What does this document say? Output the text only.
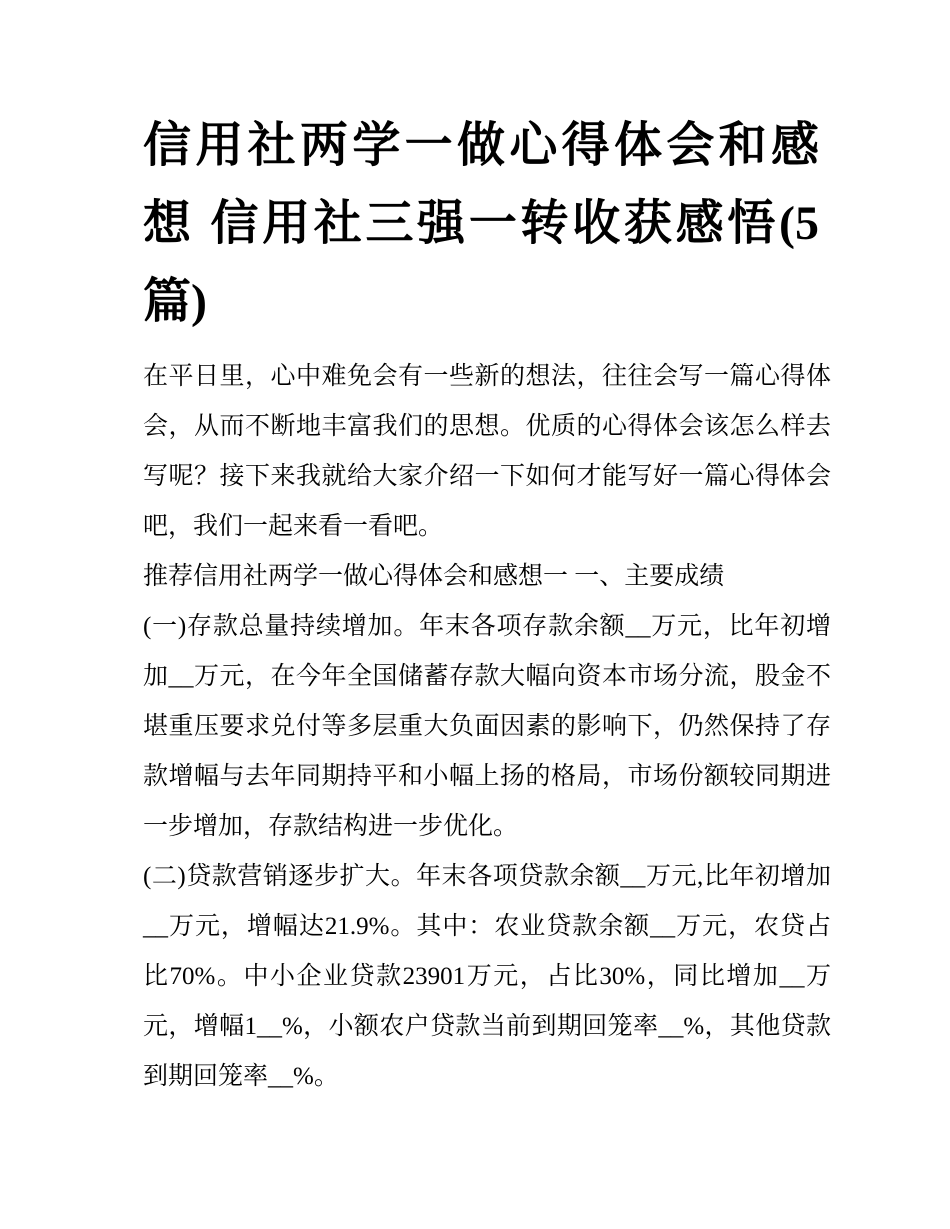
信用社两学一做心得体会和感
想 信用社三强一转收获感悟(5
篇)
在平日里，心中难免会有一些新的想法，往往会写一篇心得体
会，从而不断地丰富我们的思想。优质的心得体会该怎么样去
写呢？接下来我就给大家介绍一下如何才能写好一篇心得体会
吧，我们一起来看一看吧。
推荐信用社两学一做心得体会和感想一 一、主要成绩
(一)存款总量持续增加。年末各项存款余额__万元，比年初增
加__万元，在今年全国储蓄存款大幅向资本市场分流，股金不
堪重压要求兑付等多层重大负面因素的影响下，仍然保持了存
款增幅与去年同期持平和小幅上扬的格局，市场份额较同期进
一步增加，存款结构进一步优化。
(二)贷款营销逐步扩大。年末各项贷款余额__万元,比年初增加
__万元，增幅达21.9%。其中：农业贷款余额__万元，农贷占
比70%。中小企业贷款23901万元，占比30%，同比增加__万
元，增幅1__%，小额农户贷款当前到期回笼率__%，其他贷款
到期回笼率__%。
